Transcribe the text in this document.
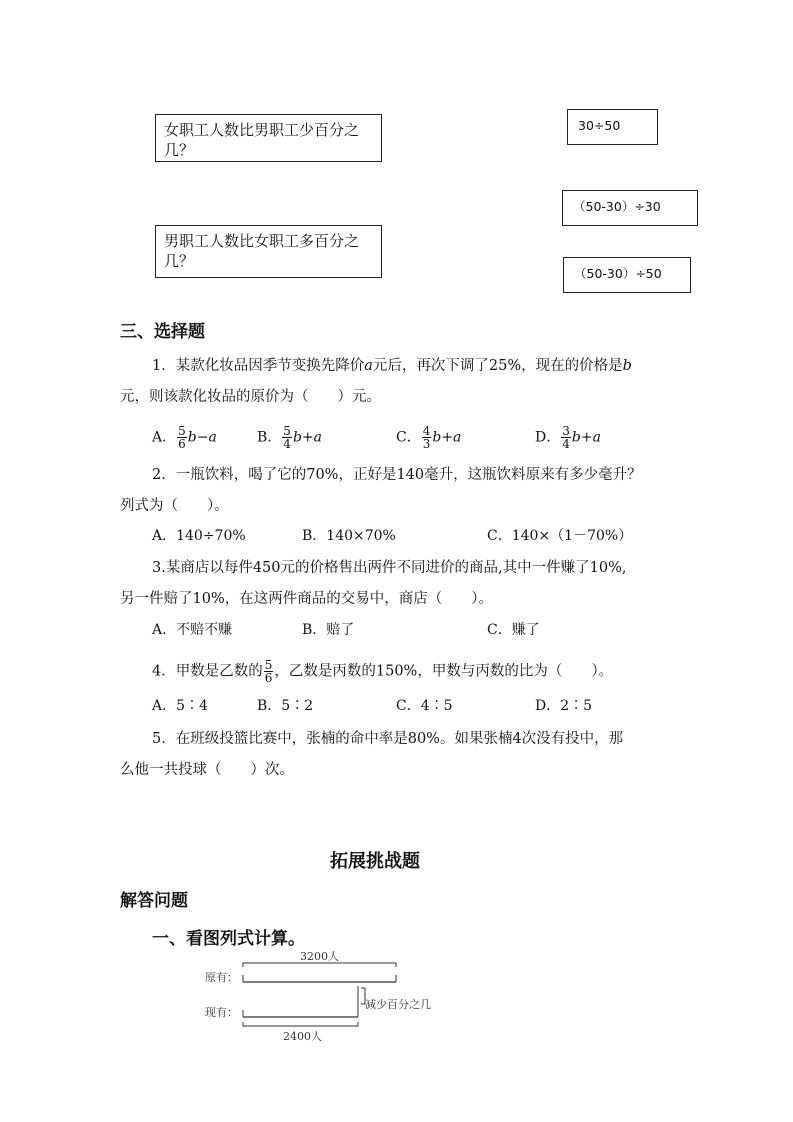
女职工人数比男职工少百分之几？
30÷50
（50-30）÷30
男职工人数比女职工多百分之几？
（50-30）÷50
三、选择题
1．某款化妆品因季节变换先降价a元后，再次下调了25%，现在的价格是b
元，则该款化妆品的原价为（　　）元。
A． $\frac{5}{6} b-a$	B． $\frac{5}{4} b+a$	C． $\frac{4}{3} b+a$	D． $\frac{3}{4} b+a$
2．一瓶饮料，喝了它的70%，正好是140毫升，这瓶饮料原来有多少毫升？
列式为（　　）。
A．140÷70%	B．140×70%	C．140×（1－70%）
3.某商店以每件450元的价格售出两件不同进价的商品,其中一件赚了10%,
另一件赔了10%，在这两件商品的交易中，商店（　　）。
A．不赔不赚	B．赔了	C．赚了
4．甲数是乙数的 $\frac{5}{6}$ ，乙数是丙数的150%，甲数与丙数的比为（　　）。
A．5∶4	B．5∶2	C．4∶5	D．2∶5
5．在班级投篮比赛中，张楠的命中率是80%。如果张楠4次没有投中，那
么他一共投球（　　）次。
拓展挑战题
解答问题
一、看图列式计算。
3200人
原有：
现有：
减少百分之几
2400人
